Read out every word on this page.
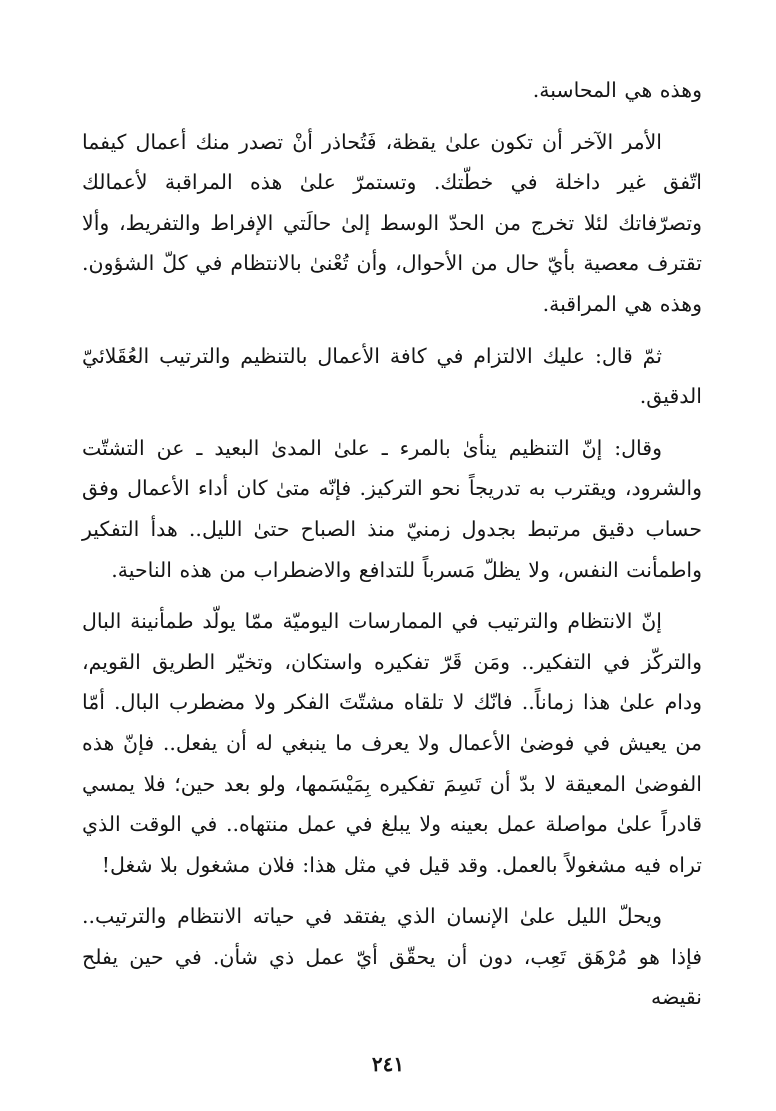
وهذه هي المحاسبة.

الأمر الآخر أن تكون علىٰ يقظة، فَتُحاذر أنْ تصدر منك أعمال كيفما اتّفق غير داخلة في خطّتك. وتستمرّ علىٰ هذه المراقبة لأعمالك وتصرّفاتك لئلا تخرج من الحدّ الوسط إلىٰ حالَتي الإفراط والتفريط، وألا تقترف معصية بأيّ حال من الأحوال، وأن تُعْنىٰ بالانتظام في كلّ الشؤون. وهذه هي المراقبة.

ثمّ قال: عليك الالتزام في كافة الأعمال بالتنظيم والترتيب العُقَلائيّ الدقيق.

وقال: إنّ التنظيم ينأىٰ بالمرء ـ علىٰ المدىٰ البعيد ـ عن التشتّت والشرود، ويقترب به تدريجاً نحو التركيز. فإنّه متىٰ كان أداء الأعمال وفق حساب دقيق مرتبط بجدول زمنيّ منذ الصباح حتىٰ الليل.. هدأ التفكير واطمأنت النفس، ولا يظلّ مَسرباً للتدافع والاضطراب من هذه الناحية.

إنّ الانتظام والترتيب في الممارسات اليوميّة ممّا يولّد طمأنينة البال والتركّز في التفكير.. ومَن قَرّ تفكيره واستكان، وتخيّر الطريق القويم، ودام علىٰ هذا زماناً.. فانّك لا تلقاه مشتّتَ الفكر ولا مضطرب البال. أمّا من يعيش في فوضىٰ الأعمال ولا يعرف ما ينبغي له أن يفعل.. فإنّ هذه الفوضىٰ المعيقة لا بدّ أن تَسِمَ تفكيره بِمَيْسَمها، ولو بعد حين؛ فلا يمسي قادراً علىٰ مواصلة عمل بعينه ولا يبلغ في عمل منتهاه.. في الوقت الذي تراه فيه مشغولاً بالعمل. وقد قيل في مثل هذا: فلان مشغول بلا شغل!

ويحلّ الليل علىٰ الإنسان الذي يفتقد في حياته الانتظام والترتيب.. فإذا هو مُرْهَق تَعِب، دون أن يحقّق أيّ عمل ذي شأن. في حين يفلح نقيضه

٢٤١
